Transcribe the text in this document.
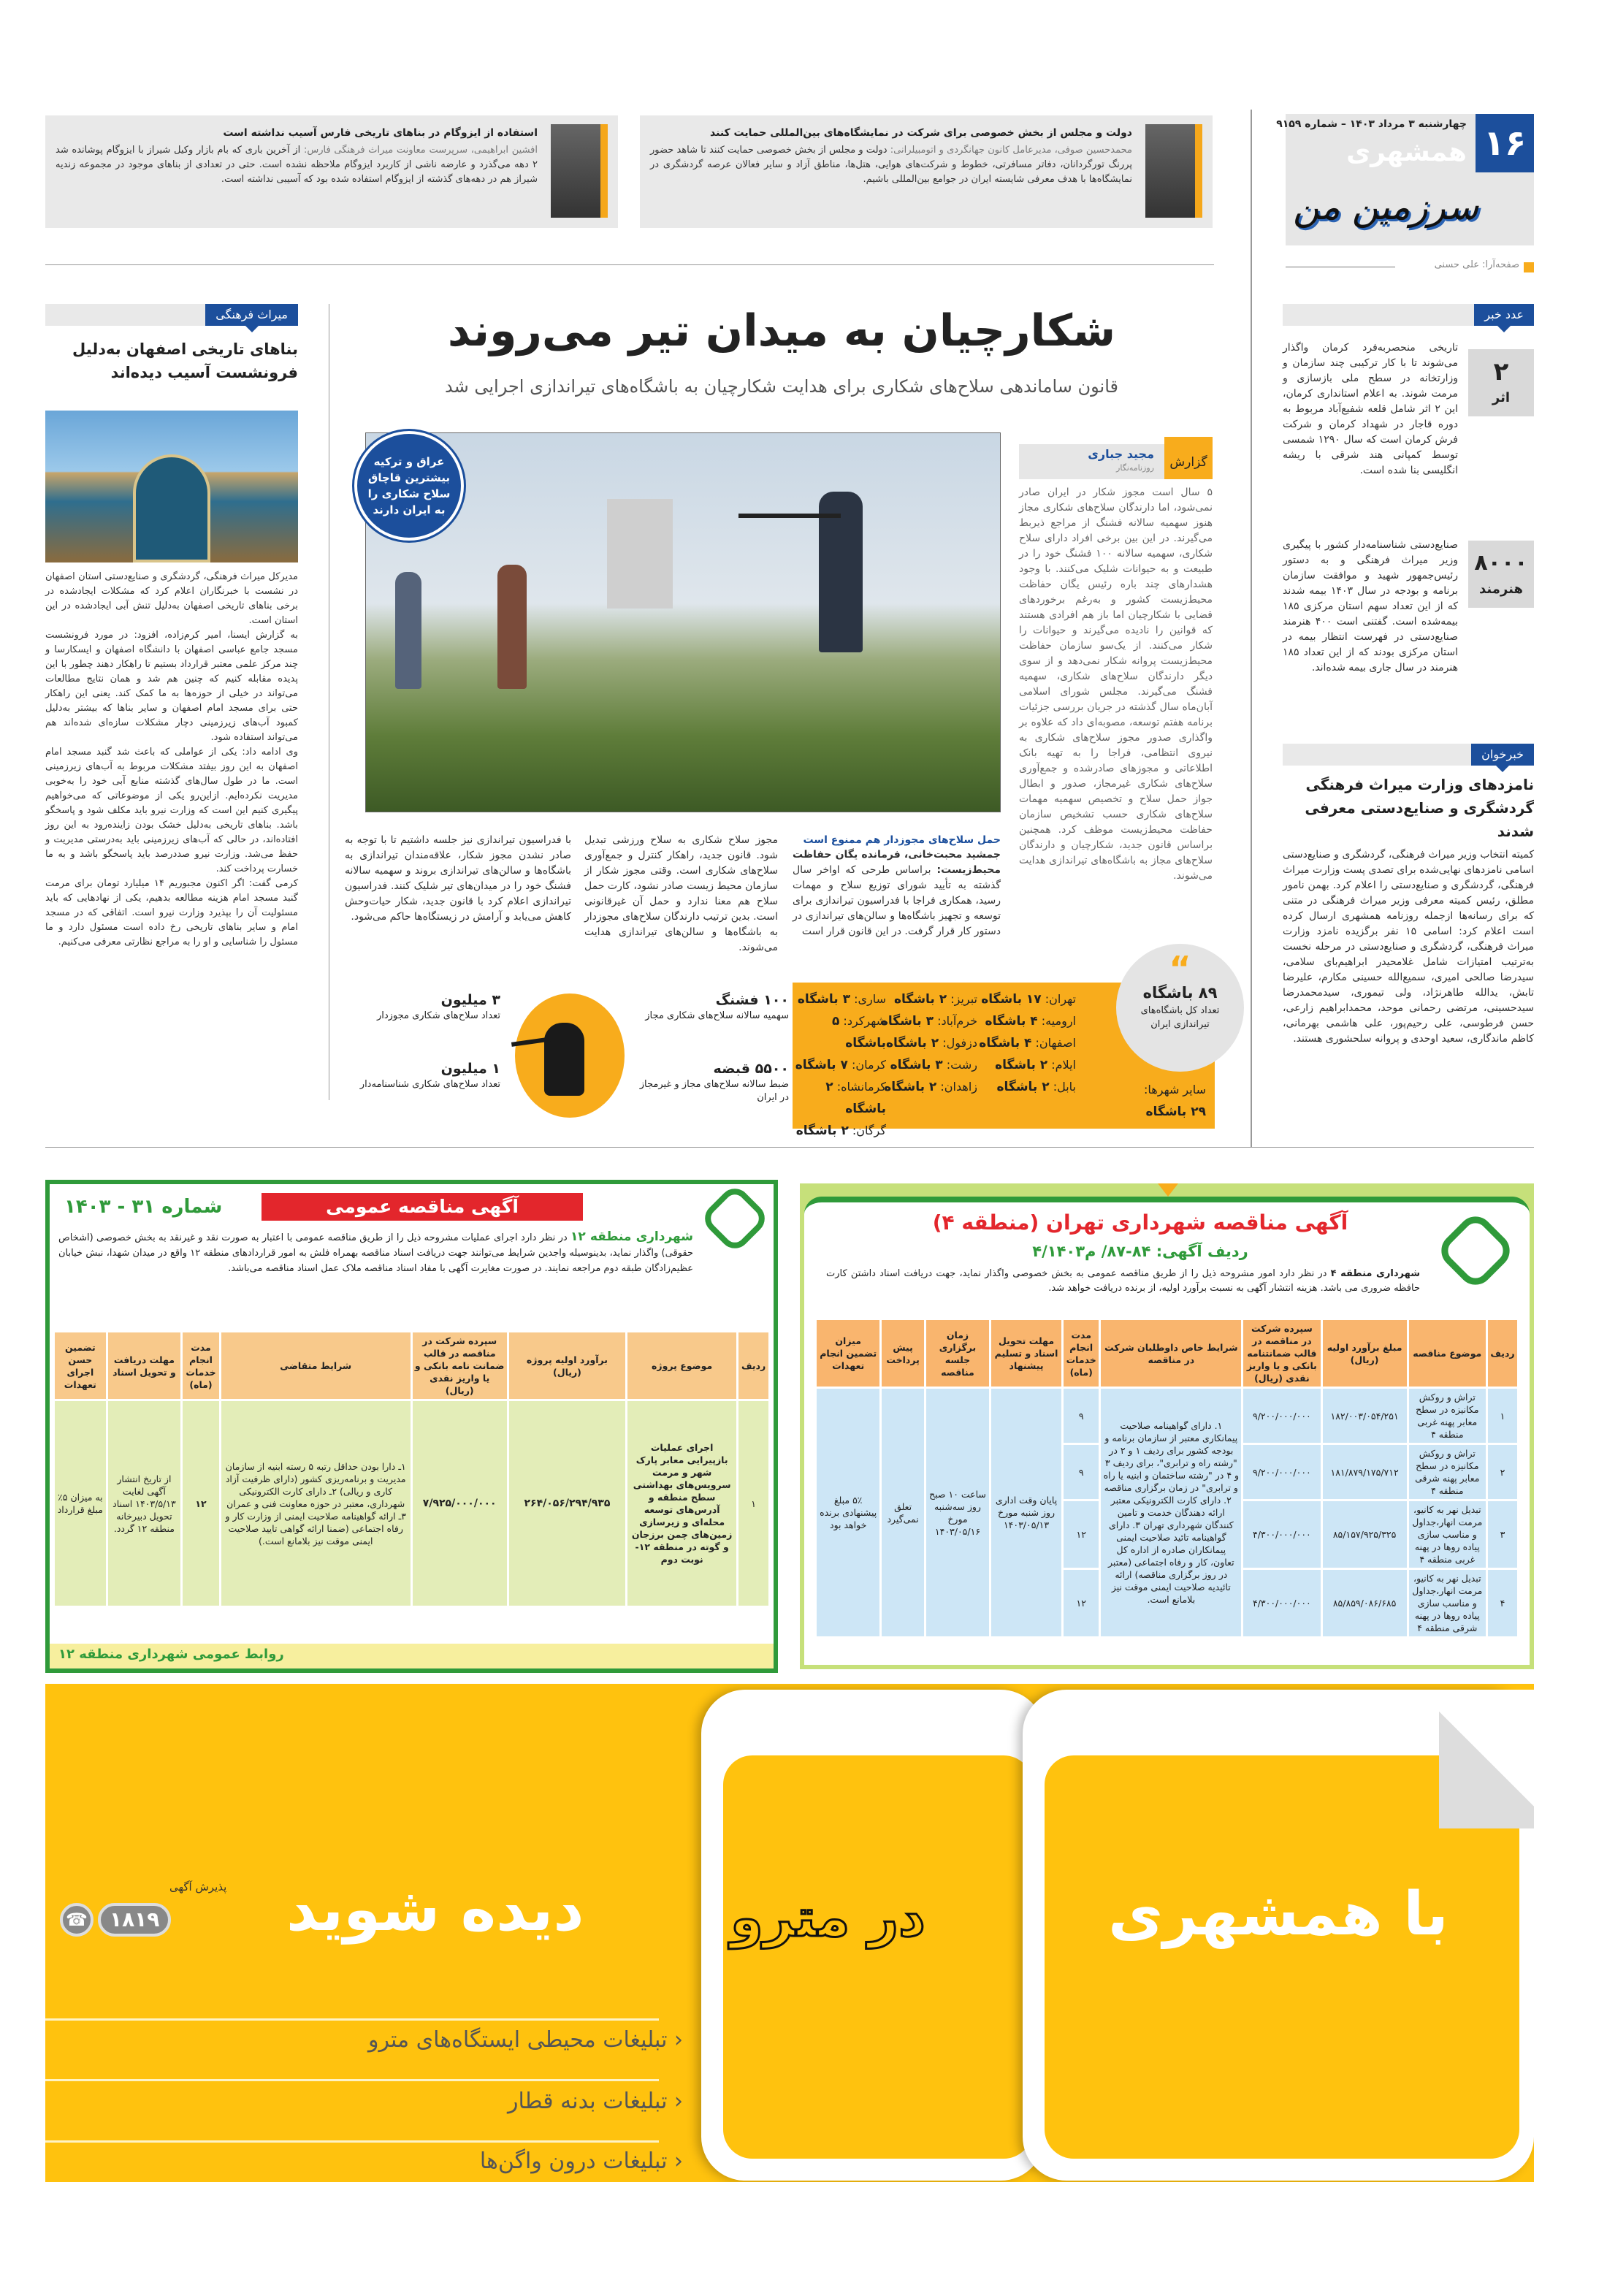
۱۶
چهارشنبه ۳ مرداد ۱۴۰۳ – شماره ۹۱۵۹
همشهری
سرزمین من
صفحه‌آرا: علی حسنی
دولت و مجلس از بخش خصوصی برای شرکت در نمایشگاه‌های بین‌المللی حمایت کنند
محمدحسین صوفی، مدیرعامل کانون جهانگردی و اتومبیلرانی: دولت و مجلس از بخش خصوصی حمایت کنند تا شاهد حضور پررنگ تورگردانان، دفاتر مسافرتی، خطوط و شرکت‌های هوایی، هتل‌ها، مناطق آزاد و سایر فعالان عرصه گردشگری در نمایشگاه‌ها با هدف معرفی شایسته ایران در جوامع بین‌المللی باشیم.
استفاده از ایزوگام در بناهای تاریخی فارس آسیب نداشته است
افشین ابراهیمی، سرپرست معاونت میراث فرهنگی فارس: از آخرین باری که بام بازار وکیل شیراز با ایزوگام پوشانده شد ۲ دهه می‌گذرد و عارضه ناشی از کاربرد ایزوگام ملاحظه نشده است. حتی در تعدادی از بناهای موجود در مجموعه زندیه شیراز هم در دهه‌های گذشته از ایزوگام استفاده شده بود که آسیبی نداشته است.
عدد خبر
۲
اثر
تاریخی منحصربه‌فرد کرمان واگذار می‌شوند تا با کار ترکیبی چند سازمان و وزارتخانه در سطح ملی بازسازی و مرمت شوند. به اعلام استانداری کرمان، این ۲ اثر شامل قلعه شفیع‌آباد مربوط به دوره قاجار در شهداد کرمان و شرکت فرش کرمان است که سال ۱۲۹۰ شمسی توسط کمپانی هند شرقی با ریشه انگلیسی بنا شده است.
۸۰۰۰
هنرمند
صنایع‌دستی شناسنامه‌دار کشور با پیگیری وزیر میراث فرهنگی و به دستور رئیس‌جمهور شهید و موافقت سازمان برنامه و بودجه در سال ۱۴۰۳ بیمه شدند که از این تعداد سهم استان مرکزی ۱۸۵ بیمه‌شده است. گفتنی است ۴۰۰ هنرمند صنایع‌دستی در فهرست انتظار بیمه در استان مرکزی بودند که از این تعداد ۱۸۵ هنرمند در سال جاری بیمه شده‌اند.
خبرخوان
نامزدهای وزارت میراث فرهنگی گردشگری و صنایع‌دستی معرفی شدند
کمیته انتخاب وزیر میراث فرهنگی، گردشگری و صنایع‌دستی اسامی نامزدهای نهایی‌شده برای تصدی پست وزارت میراث فرهنگی، گردشگری و صنایع‌دستی را اعلام کرد. بهمن نامور مطلق، رئیس کمیته معرفی وزیر میراث فرهنگی در متنی که برای رسانه‌ها ازجمله روزنامه همشهری ارسال کرده است اعلام کرد: اسامی ۱۵ نفر برگزیده نامزد وزارت میراث فرهنگی، گردشگری و صنایع‌دستی در مرحله نخست به‌ترتیب امتیازات شامل غلامحیدر ابراهیم‌بای سلامی، سیدرضا صالحی امیری، سمیع‌الله حسینی مکارم، علیرضا تابش، یدالله طاهرنژاد، ولی تیموری، سیدمحمدرضا سیدحسینی، مرتضی رحمانی موحد، محمدابراهیم زارعی، حسن فرطوسی، علی رحیم‌پور، علی هاشمی بهرمانی، کاظم ماندگاری، سعید اوحدی و پروانه سلحشوری هستند.
میراث فرهنگی
بناهای تاریخی اصفهان به‌دلیل فرونشست آسیب دیده‌اند

مدیرکل میراث فرهنگی، گردشگری و صنایع‌دستی استان اصفهان در نشست با خبرنگاران اعلام کرد که مشکلات ایجادشده در برخی بناهای تاریخی اصفهان به‌دلیل تنش آبی ایجادشده در این استان است.

به گزارش ایسنا، امیر کرم‌زاده، افزود: در مورد فرونشست مسجد جامع عباسی اصفهان با دانشگاه اصفهان و ایسکارسا و چند مرکز علمی معتبر قرارداد بستیم تا راهکار دهند چطور با این پدیده مقابله کنیم که چنین هم شد و همان نتایج مطالعات می‌تواند در خیلی از حوزه‌ها به ما کمک کند. یعنی این راهکار حتی برای مسجد امام اصفهان و سایر بناها که بیشتر به‌دلیل کمبود آب‌های زیرزمینی دچار مشکلات سازه‌ای شده‌اند هم می‌تواند استفاده شود.

وی ادامه داد: یکی از عواملی که باعث شد گنبد مسجد امام اصفهان به این روز بیفتد مشکلات مربوط به آب‌های زیرزمینی است. ما در طول سال‌های گذشته منابع آبی خود را به‌خوبی مدیریت نکرده‌ایم. ازاین‌رو یکی از موضوعاتی که می‌خواهیم پیگیری کنیم این است که وزارت نیرو باید مکلف شود و پاسخگو باشد. بناهای تاریخی به‌دلیل خشک بودن زاینده‌رود به این روز افتاده‌اند، در حالی که آب‌های زیرزمینی باید به‌درستی مدیریت و حفظ می‌شد. وزارت نیرو صددرصد باید پاسخگو باشد و به ما خسارت پرداخت کند.

کرمی گفت: اگر اکنون مجبوریم ۱۴ میلیارد تومان برای مرمت گنبد مسجد امام هزینه مطالعه بدهیم، یکی از نهادهایی که باید مسئولیت آن را بپذیرد وزارت نیرو است. اتفاقی که در مسجد امام و سایر بناهای تاریخی رخ داده است مسئول دارد و ما مسئول را شناسایی و او را به مراجع نظارتی معرفی می‌کنیم.

شکارچیان به میدان تیر می‌روند
قانون ساماندهی سلاح‌های شکاری برای هدایت شکارچیان به باشگاه‌های تیراندازی اجرایی شد
عراق و ترکیه بیشترین قاچاق سلاح شکاری را به ایران دارند
گزارش
مجید جباری
روزنامه‌نگار
۵ سال است مجوز شکار در ایران صادر نمی‌شود، اما دارندگان سلاح‌های شکاری مجاز هنوز سهمیه سالانه فشنگ از مراجع ذیربط می‌گیرند. در این بین برخی افراد دارای سلاح شکاری، سهمیه سالانه ۱۰۰ فشنگ خود را در طبیعت و به حیوانات شلیک می‌کنند. با وجود هشدارهای چند باره رئیس یگان حفاظت محیط‌زیست کشور و به‌رغم برخوردهای قضایی با شکارچیان اما باز هم افرادی هستند که قوانین را نادیده می‌گیرند و حیوانات را شکار می‌کنند. از یک‌سو سازمان حفاظت محیط‌زیست پروانه شکار نمی‌دهد و از سوی دیگر دارندگان سلاح‌های شکاری، سهمیه فشنگ می‌گیرند. مجلس شورای اسلامی آبان‌ماه سال گذشته در جریان بررسی جزئیات برنامه هفتم توسعه، مصوبه‌ای داد که علاوه بر واگذاری صدور مجوز سلاح‌های شکاری به نیروی انتظامی، فراجا را به تهیه بانک اطلاعاتی و مجوزهای صادرشده و جمع‌آوری سلاح‌های شکاری غیرمجاز، صدور و ابطال جواز حمل سلاح و تخصیص سهمیه مهمات سلاح‌های شکاری حسب تشخیص سازمان حفاظت محیط‌زیست موظف کرد. همچنین براساس قانون جدید، شکارچیان و دارندگان سلاح‌های مجاز به باشگاه‌های تیراندازی هدایت می‌شوند.
حمل سلاح‌های مجوزدار هم ممنوع است
جمشید محبت‌خانی، فرمانده یگان حفاظت محیط‌زیست: براساس طرحی که اواخر سال گذشته به تأیید شورای توزیع سلاح و مهمات رسید، همکاری فراجا با فدراسیون تیراندازی برای توسعه و تجهیز باشگاه‌ها و سالن‌های تیراندازی در دستور کار قرار گرفت. در این قانون قرار است
مجوز سلاح شکاری به سلاح ورزشی تبدیل شود. قانون جدید، راهکار کنترل و جمع‌آوری سلاح‌های شکاری است. وقتی مجوز شکار از سازمان محیط زیست صادر نشود، کارت حمل سلاح هم معنا ندارد و حمل آن غیرقانونی است. بدین ترتیب دارندگان سلاح‌های مجوزدار به باشگاه‌ها و سالن‌های تیراندازی هدایت می‌شوند.
با فدراسیون تیراندازی نیز جلسه داشتیم تا با توجه به صادر نشدن مجوز شکار، علاقه‌مندان تیراندازی به باشگاه‌ها و سالن‌های تیراندازی بروند و سهمیه سالانه فشنگ خود را در میدان‌های تیر شلیک کنند. فدراسیون تیراندازی اعلام کرد با قانون جدید، شکار حیات‌وحش کاهش می‌یابد و آرامش در زیستگاه‌ها حاکم می‌شود.
تهران: ۱۷ باشگاه
ارومیه: ۴ باشگاه
اصفهان: ۴ باشگاه
ایلام: ۲ باشگاه
بابل: ۲ باشگاه
تبریز: ۲ باشگاه
خرم‌آباد: ۳ باشگاه
دزفول: ۲ باشگاه
رشت: ۳ باشگاه
زاهدان: ۲ باشگاه
ساری: ۳ باشگاه
شهرکرد: ۵ باشگاه
کرمان: ۷ باشگاه
کرمانشاه: ۲ باشگاه
گرگان: ۲ باشگاه
سایر شهرها:
۲۹ باشگاه
“
۸۹ باشگاه
تعداد کل باشگاه‌های تیراندازی ایران
۱۰۰ فشنگ
سهمیه سالانه سلاح‌های شکاری مجاز
۵۵۰۰ قبضه
ضبط سالانه سلاح‌های مجاز و غیرمجاز در ایران
۳ میلیون
تعداد سلاح‌های شکاری مجوزدار
۱ میلیون
تعداد سلاح‌های شکاری شناسنامه‌دار
آگهی مناقصه عمومی
شماره ۳۱ - ۱۴۰۳
شهرداری منطقه ۱۲ در نظر دارد اجرای عملیات مشروحه ذیل را از طریق مناقصه عمومی با اعتبار به صورت نقد و غیرنقد به بخش خصوصی (اشخاص حقوقی) واگذار نماید، بدینوسیله واجدین شرایط می‌توانند جهت دریافت اسناد مناقصه بهمراه فلش به امور قراردادهای منطقه ۱۲ واقع در میدان شهدا، نبش خیابان عظیم‌زادگان طبقه دوم مراجعه نمایند. در صورت مغایرت آگهی با مفاد اسناد مناقصه ملاک عمل اسناد مناقصه می‌باشد.
ردیف	موضوع پروژه	برآورد اولیه پروژه (ریال)	سپرده شرکت در مناقصه در قالب ضمانت نامه بانکی و یا واریز نقدی (ریال)	شرایط متقاضی	مدت انجام خدمات (ماه)	مهلت دریافت و تحویل اسناد	تضمین حسن اجرای تعهدات
۱	اجرای عملیات بازپیرایی معابر پارک شهر و مرمت سرویس‌های بهداشتی سطح منطقه و آدرس‌های توسعه محله‌ای و زیرسازی زمین‌های چمن برزجان و گوته در منطقه ۱۲- نوبت دوم	۲۶۴/۰۵۶/۲۹۴/۹۳۵	۷/۹۲۵/۰۰۰/۰۰۰	۱ـ دارا بودن حداقل رتبه ۵ رسته ابنیه از سازمان مدیریت و برنامه‌ریزی کشور (دارای ظرفیت آزاد کاری و ریالی) ۲ـ دارای کارت الکترونیکی شهرداری، معتبر در حوزه معاونت فنی و عمران ۳ـ ارائه گواهینامه صلاحیت ایمنی از وزارت کار و رفاه اجتماعی (ضمنا ارائه گواهی تایید صلاحیت ایمنی موقت نیز بلامانع است.)	۱۲	از تاریخ انتشار آگهی لغایت ۱۴۰۳/۵/۱۳ اسناد تحویل دبیرخانه منطقه ۱۲ گردد.	به میزان ۵٪ مبلغ قرارداد
روابط عمومی شهرداری منطقه ۱۲
آگهی مناقصه شهرداری تهران (منطقه ۴)
ردیف آگهی: ۸۴-۸۷/ م۴/۱۴۰۳
شهرداری منطقه ۴ در نظر دارد امور مشروحه ذیل را از طریق مناقصه عمومی به بخش خصوصی واگذار نماید، جهت دریافت اسناد داشتن کارت حافظه ضروری می باشد. هزینه انتشار آگهی به نسبت برآورد اولیه، از برنده دریافت خواهد شد.
ردیف	موضوع مناقصه	مبلغ برآورد اولیه (ریال)	سپرده شرکت در مناقصه در قالب ضمانتنامه بانکی و یا واریز نقدی (ریال)	شرایط خاص داوطلبان شرکت در مناقصه	مدت انجام خدمات (ماه)	مهلت تحویل اسناد و تسلیم پیشنهاد	زمان برگزاری جلسه مناقصه	پیش پرداخت	میزان تضمین انجام تعهدات
۱	تراش و روکش مکانیزه در سطح معابر پهنه غربی منطقه ۴	۱۸۲/۰۰۳/۰۵۴/۲۵۱	۹/۲۰۰/۰۰۰/۰۰۰	۱. دارای گواهینامه صلاحیت پیمانکاری معتبر از سازمان برنامه و بودجه کشور برای ردیف ۱ و ۲ در "رشته راه و ترابری"، برای ردیف ۳ و ۴ در "رشته ساختمان و ابنیه یا راه و ترابری" در زمان برگزاری مناقصه ۲. دارای کارت الکترونیکی معتبر ارائه دهندگان خدمت و تامین کنندگان شهرداری تهران ۳. دارای گواهینامه تائید صلاحیت ایمنی پیمانکاران صادره از اداره کل تعاون، کار و رفاه اجتماعی (معتبر در روز برگزاری مناقصه) ارائه تائیدیه صلاحیت ایمنی موقت نیز بلامانع است.	۹	پایان وقت اداری روز شنبه مورخ ۱۴۰۳/۰۵/۱۳	ساعت ۱۰ صبح روز سه‌شنبه مورخ ۱۴۰۳/۰۵/۱۶	تعلق نمی‌گیرد	۵٪ مبلغ پیشنهادی برنده خواهد بود
۲	تراش و روکش مکانیزه در سطح معابر پهنه شرقی منطقه ۴	۱۸۱/۸۷۹/۱۷۵/۷۱۲	۹/۲۰۰/۰۰۰/۰۰۰		۹				
۳	تبدیل نهر به کانیو، مرمت انهار،جداول و مناسب سازی پیاده روها در پهنه غربی منطقه ۴	۸۵/۱۵۷/۹۲۵/۳۲۵	۴/۳۰۰/۰۰۰/۰۰۰		۱۲				
۴	تبدیل نهر به کانیو، مرمت انهار،جداول و مناسب سازی پیاده روها در پهنه شرقی منطقه ۴	۸۵/۸۵۹/۰۸۶/۶۸۵	۴/۳۰۰/۰۰۰/۰۰۰		۱۲				
در مترو	با همشهری
دیده شوید
پذیرش آگهی
☎	۱۸۱۹
‹ تبلیغات محیطی ایستگاه‌های مترو
‹ تبلیغات بدنه قطار
‹ تبلیغات درون واگن‌ها
